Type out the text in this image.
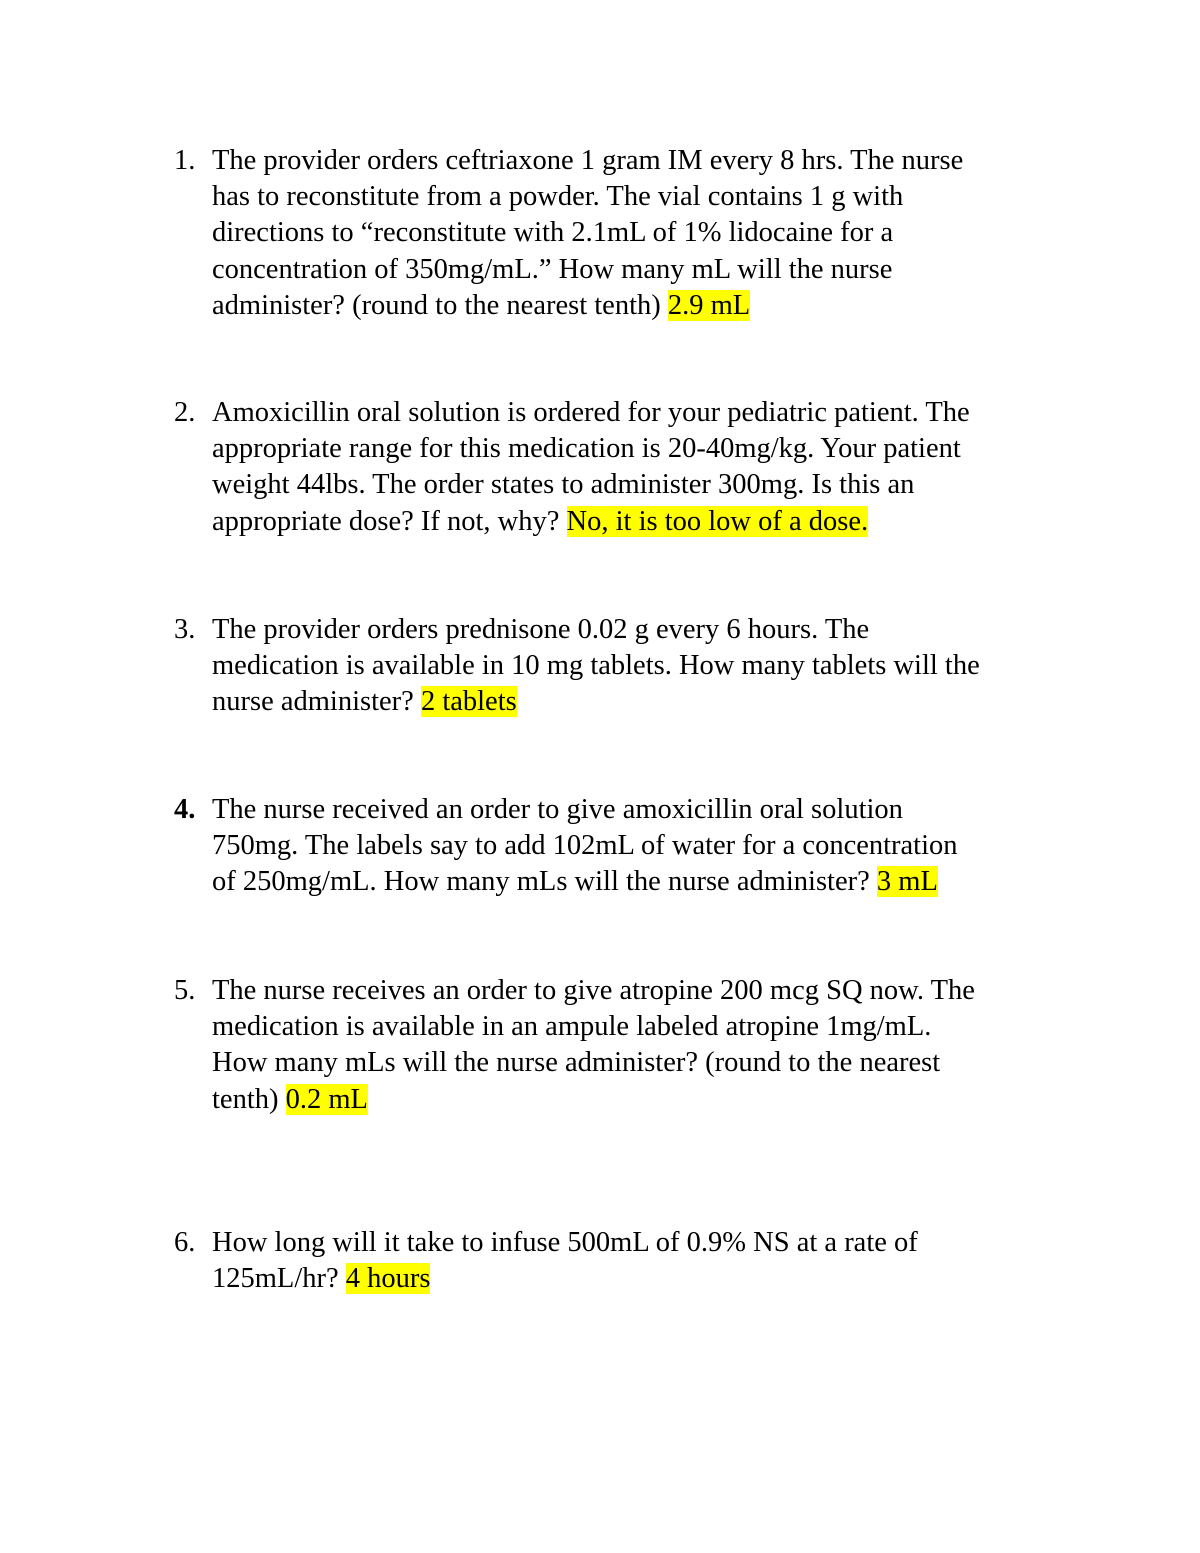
1. The provider orders ceftriaxone 1 gram IM every 8 hrs. The nurse
has to reconstitute from a powder. The vial contains 1 g with
directions to “reconstitute with 2.1mL of 1% lidocaine for a
concentration of 350mg/mL.” How many mL will the nurse
administer? (round to the nearest tenth) 2.9 mL
2. Amoxicillin oral solution is ordered for your pediatric patient. The
appropriate range for this medication is 20-40mg/kg. Your patient
weight 44lbs. The order states to administer 300mg. Is this an
appropriate dose? If not, why? No, it is too low of a dose.
3. The provider orders prednisone 0.02 g every 6 hours. The
medication is available in 10 mg tablets. How many tablets will the
nurse administer? 2 tablets
4. The nurse received an order to give amoxicillin oral solution
750mg. The labels say to add 102mL of water for a concentration
of 250mg/mL. How many mLs will the nurse administer? 3 mL
5. The nurse receives an order to give atropine 200 mcg SQ now. The
medication is available in an ampule labeled atropine 1mg/mL.
How many mLs will the nurse administer? (round to the nearest
tenth) 0.2 mL
6. How long will it take to infuse 500mL of 0.9% NS at a rate of
125mL/hr? 4 hours
